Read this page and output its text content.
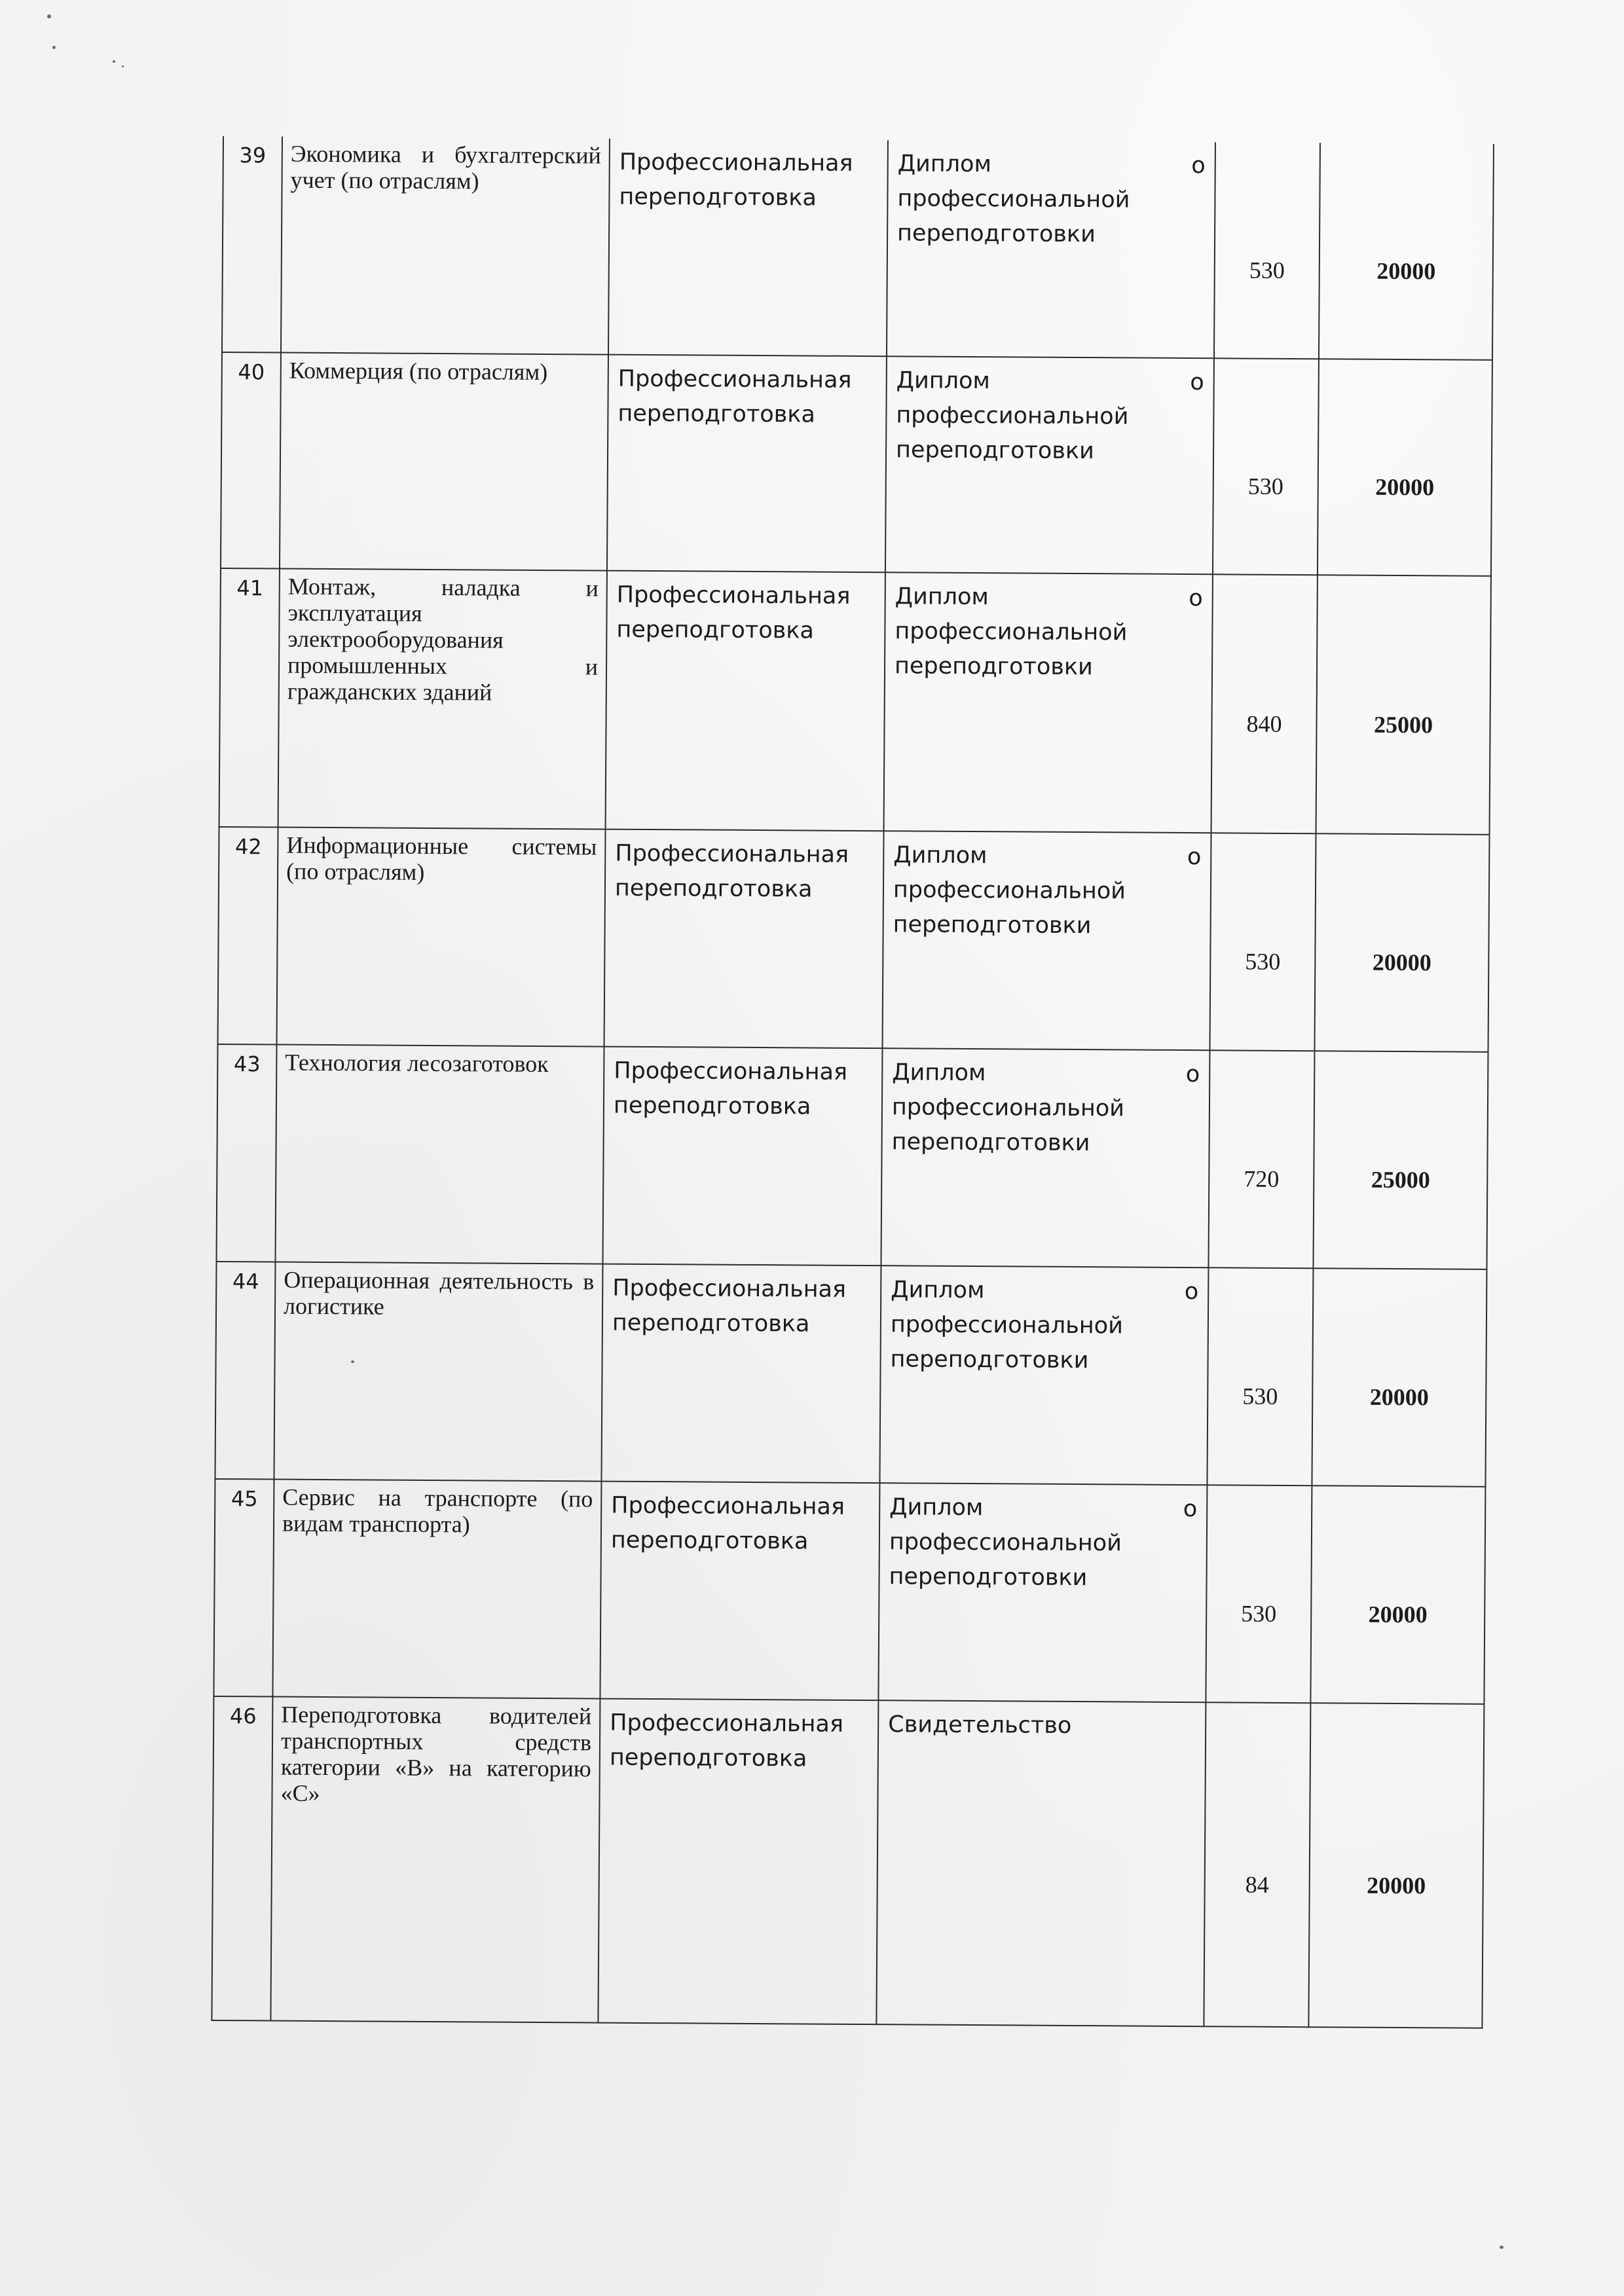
39	Экономика и бухгалтерский учет (по отраслям)	Профессиональная переподготовка	Диплом о
профессиональной переподготовки	530	20000
40	Коммерция (по отраслям)	Профессиональная переподготовка	Диплом о
профессиональной переподготовки	530	20000
41	Монтаж, наладка и эксплуатация электрооборудования промышленных и гражданских зданий	Профессиональная переподготовка	Диплом о
профессиональной переподготовки	840	25000
42	Информационные системы (по отраслям)	Профессиональная переподготовка	Диплом о
профессиональной переподготовки	530	20000
43	Технология лесозаготовок	Профессиональная переподготовка	Диплом о
профессиональной переподготовки	720	25000
44	Операционная деятельность в логистике	Профессиональная переподготовка	Диплом о
профессиональной переподготовки	530	20000
45	Сервис на транспорте (по видам транспорта)	Профессиональная переподготовка	Диплом о
профессиональной переподготовки	530	20000
46	Переподготовка водителей транспортных средств категории «В» на категорию «С»	Профессиональная переподготовка	Свидетельство	84	20000
